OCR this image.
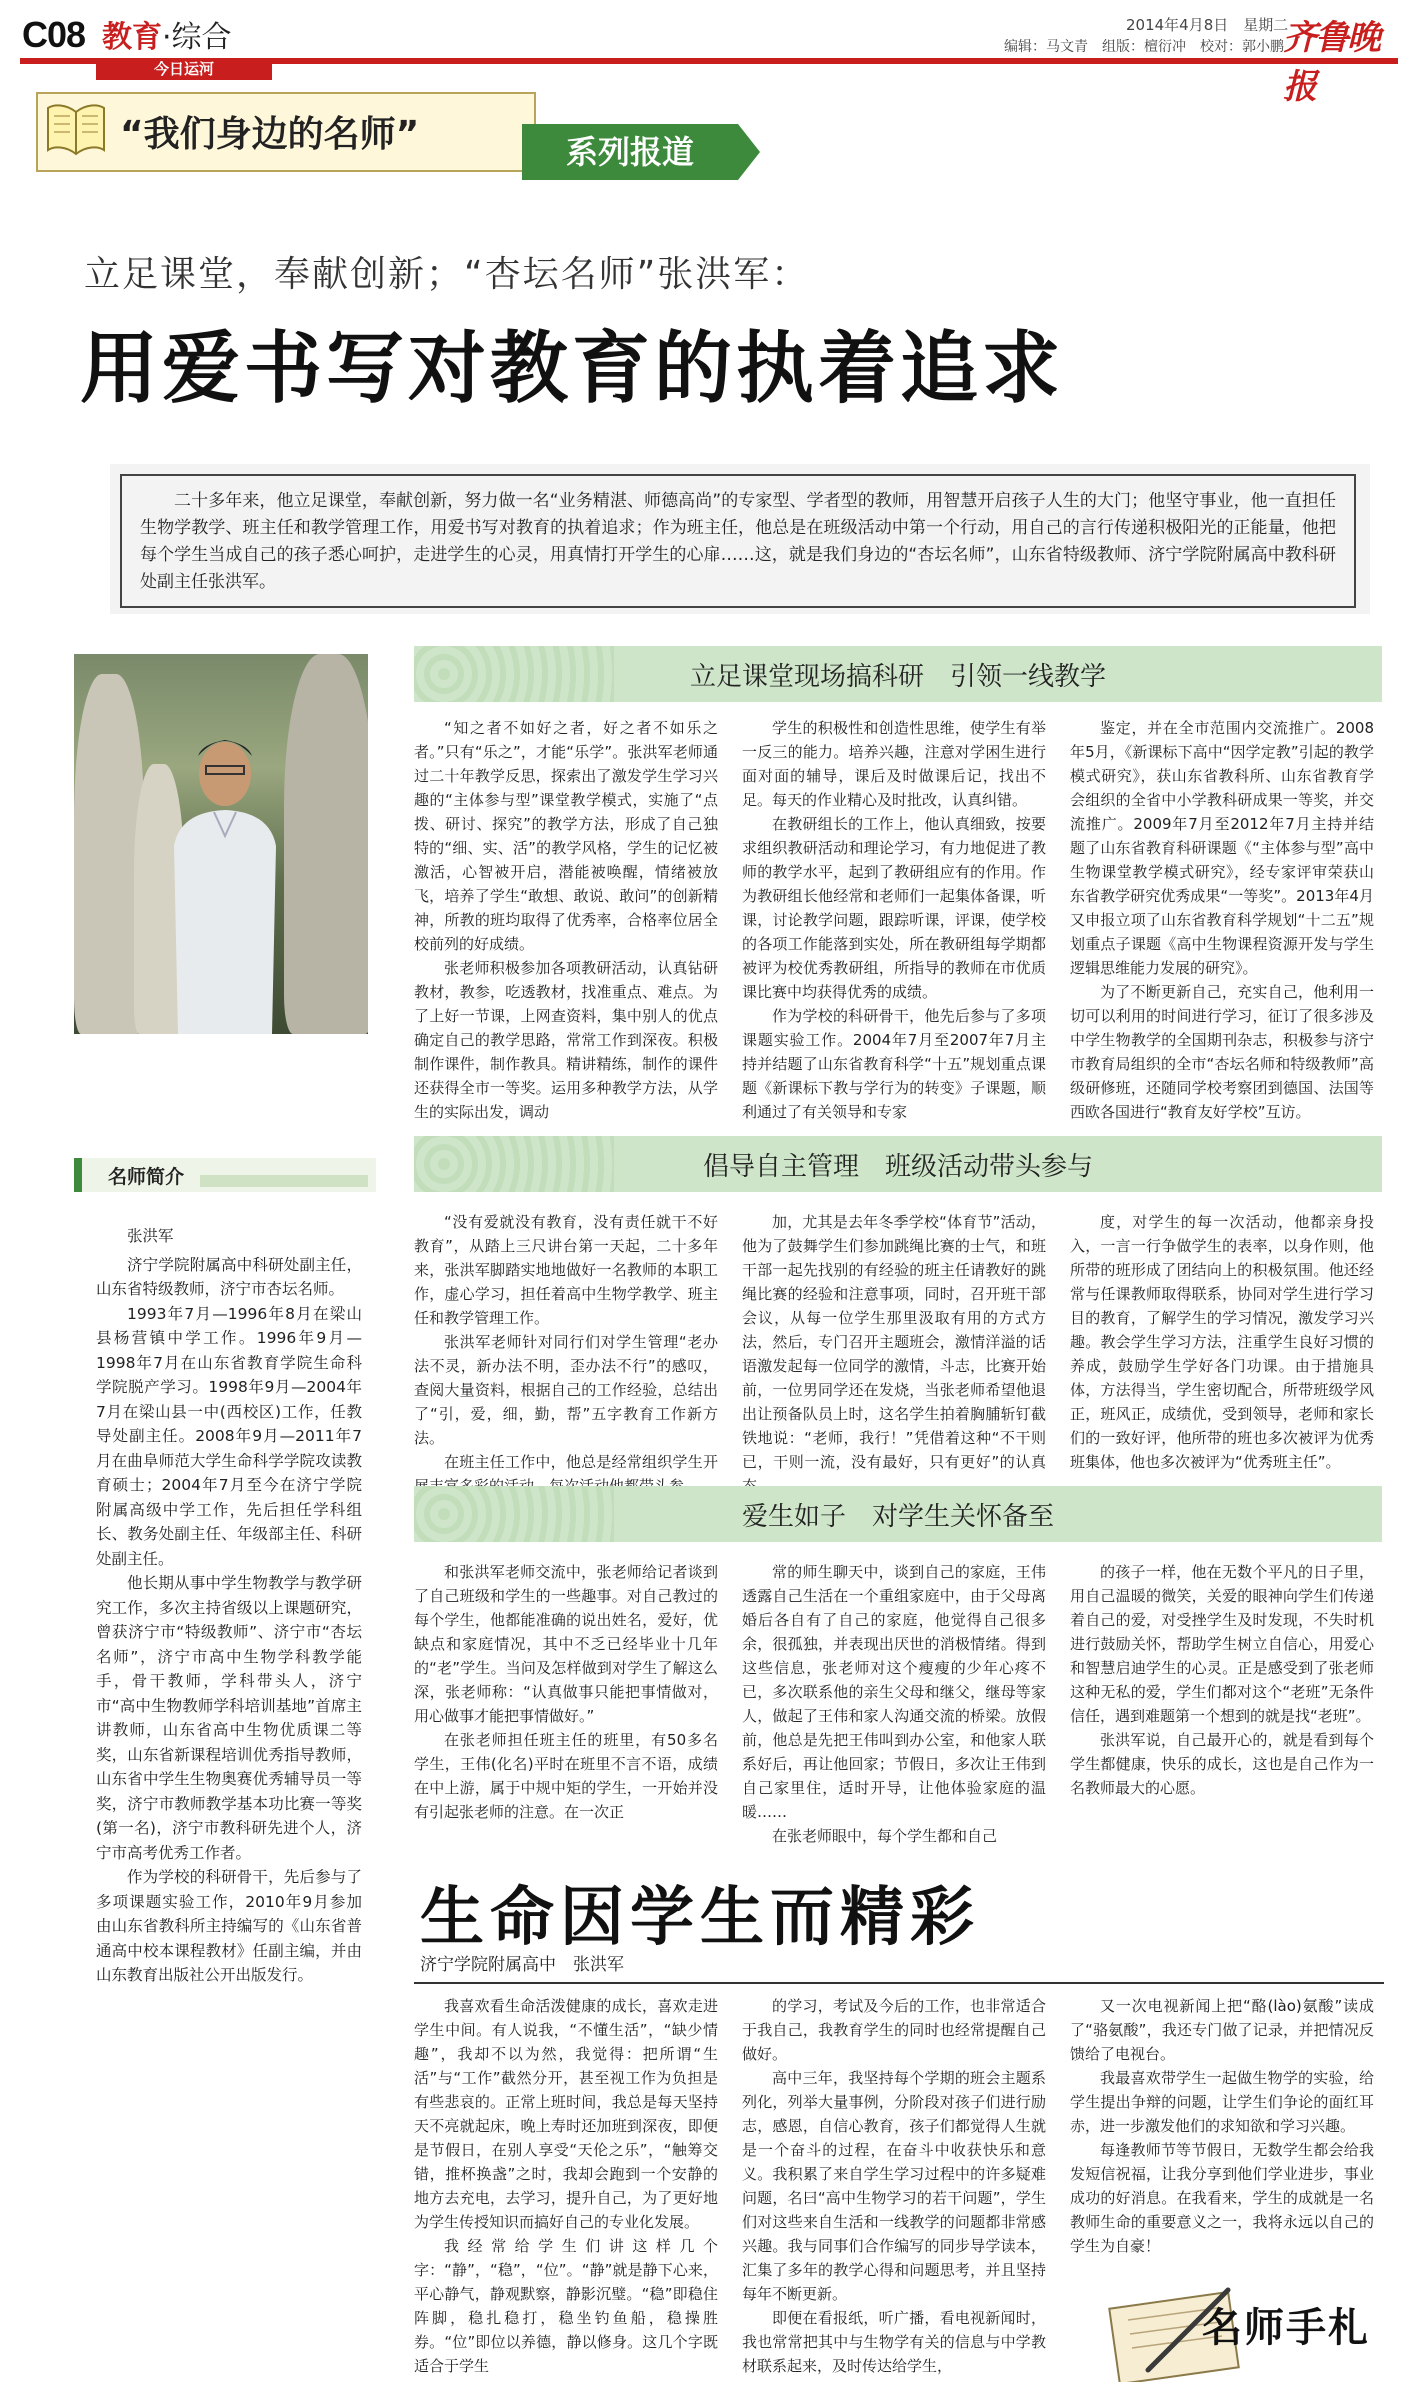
C08 教育·综合
今日运河
2014年4月8日　星期二
编辑：马文青　组版：檀衍冲　校对：郭小鹏 齐鲁晚报
“我们身边的名师”	系列报道
立足课堂，奉献创新；“杏坛名师”张洪军：
用爱书写对教育的执着追求
二十多年来，他立足课堂，奉献创新，努力做一名“业务精湛、师德高尚”的专家型、学者型的教师，用智慧开启孩子人生的大门；他坚守事业，他一直担任生物学教学、班主任和教学管理工作，用爱书写对教育的执着追求；作为班主任，他总是在班级活动中第一个行动，用自己的言行传递积极阳光的正能量，他把每个学生当成自己的孩子悉心呵护，走进学生的心灵，用真情打开学生的心扉……这，就是我们身边的“杏坛名师”，山东省特级教师、济宁学院附属高中教科研处副主任张洪军。
名师简介

张洪军

济宁学院附属高中科研处副主任，山东省特级教师，济宁市杏坛名师。

1993年7月—1996年8月在梁山县杨营镇中学工作。1996年9月—1998年7月在山东省教育学院生命科学院脱产学习。1998年9月—2004年7月在梁山县一中(西校区)工作，任教导处副主任。2008年9月—2011年7月在曲阜师范大学生命科学学院攻读教育硕士；2004年7月至今在济宁学院附属高级中学工作，先后担任学科组长、教务处副主任、年级部主任、科研处副主任。

他长期从事中学生物教学与教学研究工作，多次主持省级以上课题研究，曾获济宁市“特级教师”、济宁市“杏坛名师”，济宁市高中生物学科教学能手，骨干教师，学科带头人，济宁市“高中生物教师学科培训基地”首席主讲教师，山东省高中生物优质课二等奖，山东省新课程培训优秀指导教师，山东省中学生生物奥赛优秀辅导员一等奖，济宁市教师教学基本功比赛一等奖(第一名)，济宁市教科研先进个人，济宁市高考优秀工作者。

作为学校的科研骨干，先后参与了多项课题实验工作，2010年9月参加由山东省教科所主持编写的《山东省普通高中校本课程教材》任副主编，并由山东教育出版社公开出版发行。

立足课堂现场搞科研　引领一线教学

“知之者不如好之者，好之者不如乐之者。”只有“乐之”，才能“乐学”。张洪军老师通过二十年教学反思，探索出了激发学生学习兴趣的“主体参与型”课堂教学模式，实施了“点拨、研讨、探究”的教学方法，形成了自己独特的“细、实、活”的教学风格，学生的记忆被激活，心智被开启，潜能被唤醒，情绪被放飞，培养了学生“敢想、敢说、敢问”的创新精神，所教的班均取得了优秀率，合格率位居全校前列的好成绩。

张老师积极参加各项教研活动，认真钻研教材，教参，吃透教材，找准重点、难点。为了上好一节课，上网查资料，集中别人的优点确定自己的教学思路，常常工作到深夜。积极制作课件，制作教具。精讲精练，制作的课件还获得全市一等奖。运用多种教学方法，从学生的实际出发，调动

学生的积极性和创造性思维，使学生有举一反三的能力。培养兴趣，注意对学困生进行面对面的辅导，课后及时做课后记，找出不足。每天的作业精心及时批改，认真纠错。

在教研组长的工作上，他认真细致，按要求组织教研活动和理论学习，有力地促进了教师的教学水平，起到了教研组应有的作用。作为教研组长他经常和老师们一起集体备课，听课，讨论教学问题，跟踪听课，评课，使学校的各项工作能落到实处，所在教研组每学期都被评为校优秀教研组，所指导的教师在市优质课比赛中均获得优秀的成绩。

作为学校的科研骨干，他先后参与了多项课题实验工作。2004年7月至2007年7月主持并结题了山东省教育科学“十五”规划重点课题《新课标下教与学行为的转变》子课题，顺利通过了有关领导和专家

鉴定，并在全市范围内交流推广。2008年5月，《新课标下高中“因学定教”引起的教学模式研究》，获山东省教科所、山东省教育学会组织的全省中小学教科研成果一等奖，并交流推广。2009年7月至2012年7月主持并结题了山东省教育科研课题《“主体参与型”高中生物课堂教学模式研究》，经专家评审荣获山东省教学研究优秀成果“一等奖”。2013年4月又申报立项了山东省教育科学规划“十二五”规划重点子课题《高中生物课程资源开发与学生逻辑思维能力发展的研究》。

为了不断更新自己，充实自己，他利用一切可以利用的时间进行学习，征订了很多涉及中学生物教学的全国期刊杂志，积极参与济宁市教育局组织的全市“杏坛名师和特级教师”高级研修班，还随同学校考察团到德国、法国等西欧各国进行“教育友好学校”互访。

倡导自主管理　班级活动带头参与

“没有爱就没有教育，没有责任就干不好教育”，从踏上三尺讲台第一天起，二十多年来，张洪军脚踏实地地做好一名教师的本职工作，虚心学习，担任着高中生物学教学、班主任和教学管理工作。

张洪军老师针对同行们对学生管理“老办法不灵，新办法不明，歪办法不行”的感叹，查阅大量资料，根据自己的工作经验，总结出了“引，爱，细，勤，帮”五字教育工作新方法。

在班主任工作中，他总是经常组织学生开

加，尤其是去年冬季学校“体育节”活动，他为了鼓舞学生们参加跳绳比赛的士气，和班干部一起先找别的有经验的班主任请教好的跳绳比赛的经验和注意事项，同时，召开班干部会议，从每一位学生那里汲取有用的方式方法，然后，专门召开主题班会，激情洋溢的话语激发起每一位同学的激情，斗志，比赛开始前，一位男同学还在发烧，当张老师希望他退出让预备队员上时，这名学生拍着胸脯斩钉截铁地说：“老师，我行！”凭借着这种“不干则已，干则一流，没有最好，只有更好”的认真

度，对学生的每一次活动，他都亲身投入，一言一行争做学生的表率，以身作则，他所带的班形成了团结向上的积极氛围。他还经常与任课教师取得联系，协同对学生进行学习目的教育，了解学生的学习情况，激发学习兴趣。教会学生学习方法，注重学生良好习惯的养成，鼓励学生学好各门功课。由于措施具体，方法得当，学生密切配合，所带班级学风正，班风正，成绩优，受到领导，老师和家长们的一致好评，他所带的班也多次被评为优秀班集体，他也多次被评为“优秀班主任”。

爱生如子　对学生关怀备至

和张洪军老师交流中，张老师给记者谈到了自己班级和学生的一些趣事。对自己教过的每个学生，他都能准确的说出姓名，爱好，优缺点和家庭情况，其中不乏已经毕业十几年的“老”学生。当问及怎样做到对学生了解这么深，张老师称：“认真做事只能把事情做对，用心做事才能把事情做好。”

在张老师担任班主任的班里，有50多名学生，王伟(化名)平时在班里不言不语，成绩在中上游，属于中规中矩的学生，一开始并没有引起张老师的注意。在一次正

常的师生聊天中，谈到自己的家庭，王伟透露自己生活在一个重组家庭中，由于父母离婚后各自有了自己的家庭，他觉得自己很多余，很孤独，并表现出厌世的消极情绪。得到这些信息，张老师对这个瘦瘦的少年心疼不已，多次联系他的亲生父母和继父，继母等家人，做起了王伟和家人沟通交流的桥梁。放假前，他总是先把王伟叫到办公室，和他家人联系好后，再让他回家；节假日，多次让王伟到自己家里住，适时开导，让他体验家庭的温暖……

在张老师眼中，每个学生都和自己

的孩子一样，他在无数个平凡的日子里，用自己温暖的微笑，关爱的眼神向学生们传递着自己的爱，对受挫学生及时发现，不失时机进行鼓励关怀，帮助学生树立自信心，用爱心和智慧启迪学生的心灵。正是感受到了张老师这种无私的爱，学生们都对这个“老班”无条件信任，遇到难题第一个想到的就是找“老班”。

张洪军说，自己最开心的，就是看到每个学生都健康，快乐的成长，这也是自己作为一名教师最大的心愿。

生命因学生而精彩
济宁学院附属高中　张洪军

我喜欢看生命活泼健康的成长，喜欢走进学生中间。有人说我，“不懂生活”，“缺少情趣”，我却不以为然，我觉得：把所谓“生活”与“工作”截然分开，甚至视工作为负担是有些悲哀的。正常上班时间，我总是每天坚持天不亮就起床，晚上寿时还加班到深夜，即便是节假日，在别人享受“天伦之乐”，“触筹交错，推杯换盏”之时，我却会跑到一个安静的地方去充电，去学习，提升自己，为了更好地为学生传授知识而搞好自己的专业化发展。

我经常给学生们讲这样几个字：“静”，“稳”，“位”。“静”就是静下心来，平心静气，静观默察，静影沉璧。“稳”即稳住阵脚，稳扎稳打，稳坐钓鱼船，稳操胜券。“位”即位以养德，静以修身。这几个字既适合于学生

的学习，考试及今后的工作，也非常适合于我自己，我教育学生的同时也经常提醒自己做好。

高中三年，我坚持每个学期的班会主题系列化，列举大量事例，分阶段对孩子们进行励志，感恩，自信心教育，孩子们都觉得人生就是一个奋斗的过程，在奋斗中收获快乐和意义。我积累了来自学生学习过程中的许多疑难问题，名曰“高中生物学习的若干问题”，学生们对这些来自生活和一线教学的问题都非常感兴趣。我与同事们合作编写的同步导学读本，汇集了多年的教学心得和问题思考，并且坚持每年不断更新。

即便在看报纸，听广播，看电视新闻时，我也常常把其中与生物学有关的信息与中学教材联系起来，及时传达给学生，

又一次电视新闻上把“酪(lào)氨酸”读成了“骆氨酸”，我还专门做了记录，并把情况反馈给了电视台。

我最喜欢带学生一起做生物学的实验，给学生提出争辩的问题，让学生们争论的面红耳赤，进一步激发他们的求知欲和学习兴趣。

每逢教师节等节假日，无数学生都会给我发短信祝福，让我分享到他们学业进步，事业成功的好消息。在我看来，学生的成就是一名教师生命的重要意义之一，我将永远以自己的学生为自豪！

名师手札
